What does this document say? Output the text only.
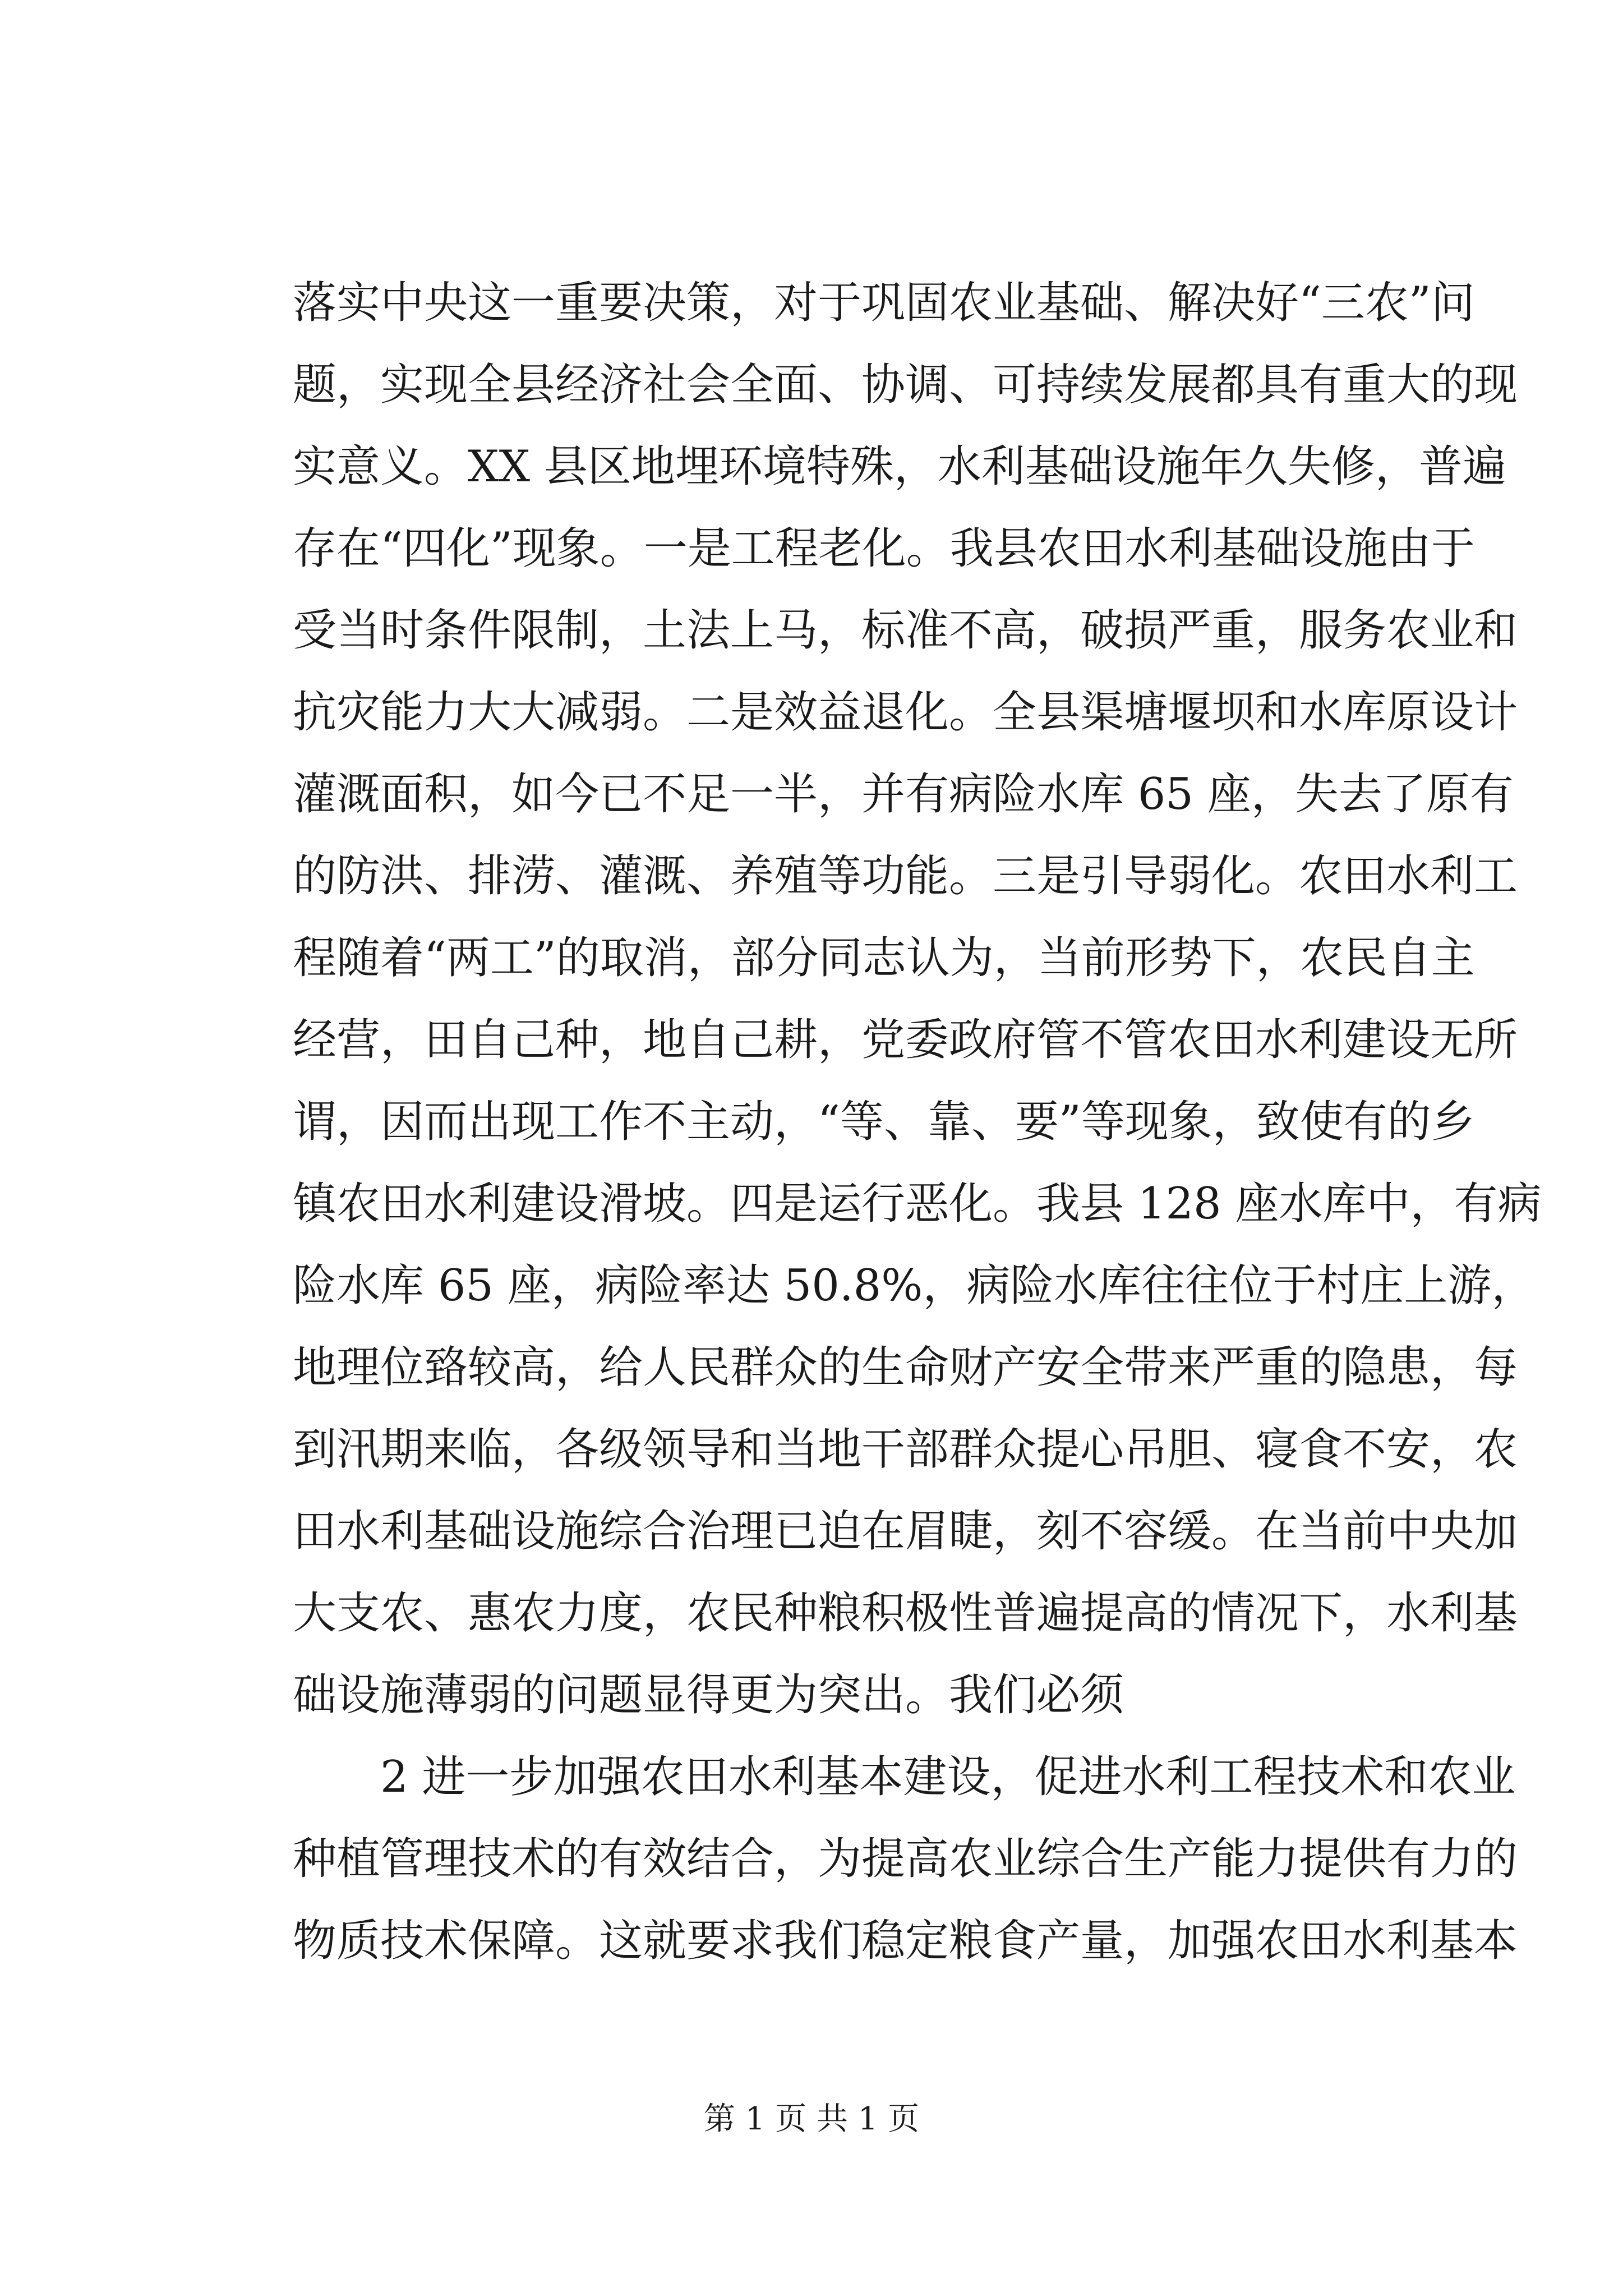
落实中央这一重要决策，对于巩固农业基础、解决好“三农”问
题，实现全县经济社会全面、协调、可持续发展都具有重大的现
实意义。XX 县区地埋环境特殊，水利基础设施年久失修，普遍
存在“四化”现象。一是工程老化。我县农田水利基础设施由于
受当时条件限制，土法上马，标准不高，破损严重，服务农业和
抗灾能力大大减弱。二是效益退化。全县渠塘堰坝和水库原设计
灌溉面积，如今已不足一半，并有病险水库 65 座，失去了原有
的防洪、排涝、灌溉、养殖等功能。三是引导弱化。农田水利工
程随着“两工”的取消，部分同志认为，当前形势下，农民自主
经营，田自己种，地自己耕，党委政府管不管农田水利建设无所
谓，因而出现工作不主动，“等、靠、要”等现象，致使有的乡
镇农田水利建设滑坡。四是运行恶化。我县 128 座水库中，有病
险水库 65 座，病险率达 50.8%，病险水库往往位于村庄上游，
地理位臵较高，给人民群众的生命财产安全带来严重的隐患，每
到汛期来临，各级领导和当地干部群众提心吊胆、寝食不安，农
田水利基础设施综合治理已迫在眉睫，刻不容缓。在当前中央加
大支农、惠农力度，农民种粮积极性普遍提高的情况下，水利基
础设施薄弱的问题显得更为突出。我们必须
2 进一步加强农田水利基本建设，促进水利工程技术和农业
种植管理技术的有效结合，为提高农业综合生产能力提供有力的
物质技术保障。这就要求我们稳定粮食产量，加强农田水利基本
第 1 页 共 1 页
